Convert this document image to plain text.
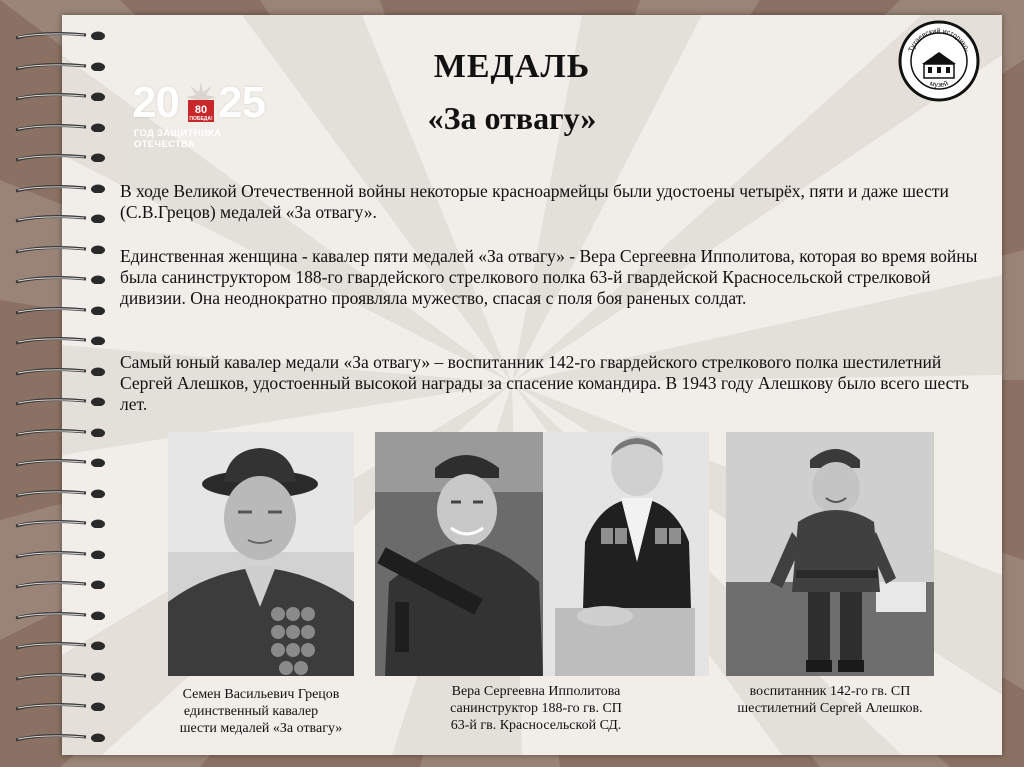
20 80
ПОБЕДА! 25
ГОД ЗАЩИТНИКА ОТЕЧЕСТВА
Тутаевский историко-
музей
МЕДАЛЬ
«За отвагу»
В ходе Великой Отечественной войны некоторые красноармейцы были удостоены четырёх, пяти и даже шести (С.В.Грецов) медалей «За отвагу».
Единственная женщина - кавалер пяти медалей «За отвагу» - Вера Сергеевна Ипполитова, которая во время войны была санинструктором 188-го гвардейского стрелкового полка 63-й гвардейской Красносельской стрелковой дивизии. Она неоднократно проявляла мужество, спасая с поля боя раненых солдат.
Самый юный кавалер медали «За отвагу» – воспитанник 142-го гвардейского стрелкового полка шестилетний Сергей Алешков, удостоенный высокой награды за спасение командира. В 1943 году Алешкову было всего шесть лет.
Семен Васильевич Грецов
единственный кавалер
шести медалей «За отвагу»
Вера Сергеевна Ипполитова
санинструктор 188-го гв. СП
63-й гв. Красносельской СД.
воспитанник 142-го гв. СП
шестилетний Сергей Алешков.
